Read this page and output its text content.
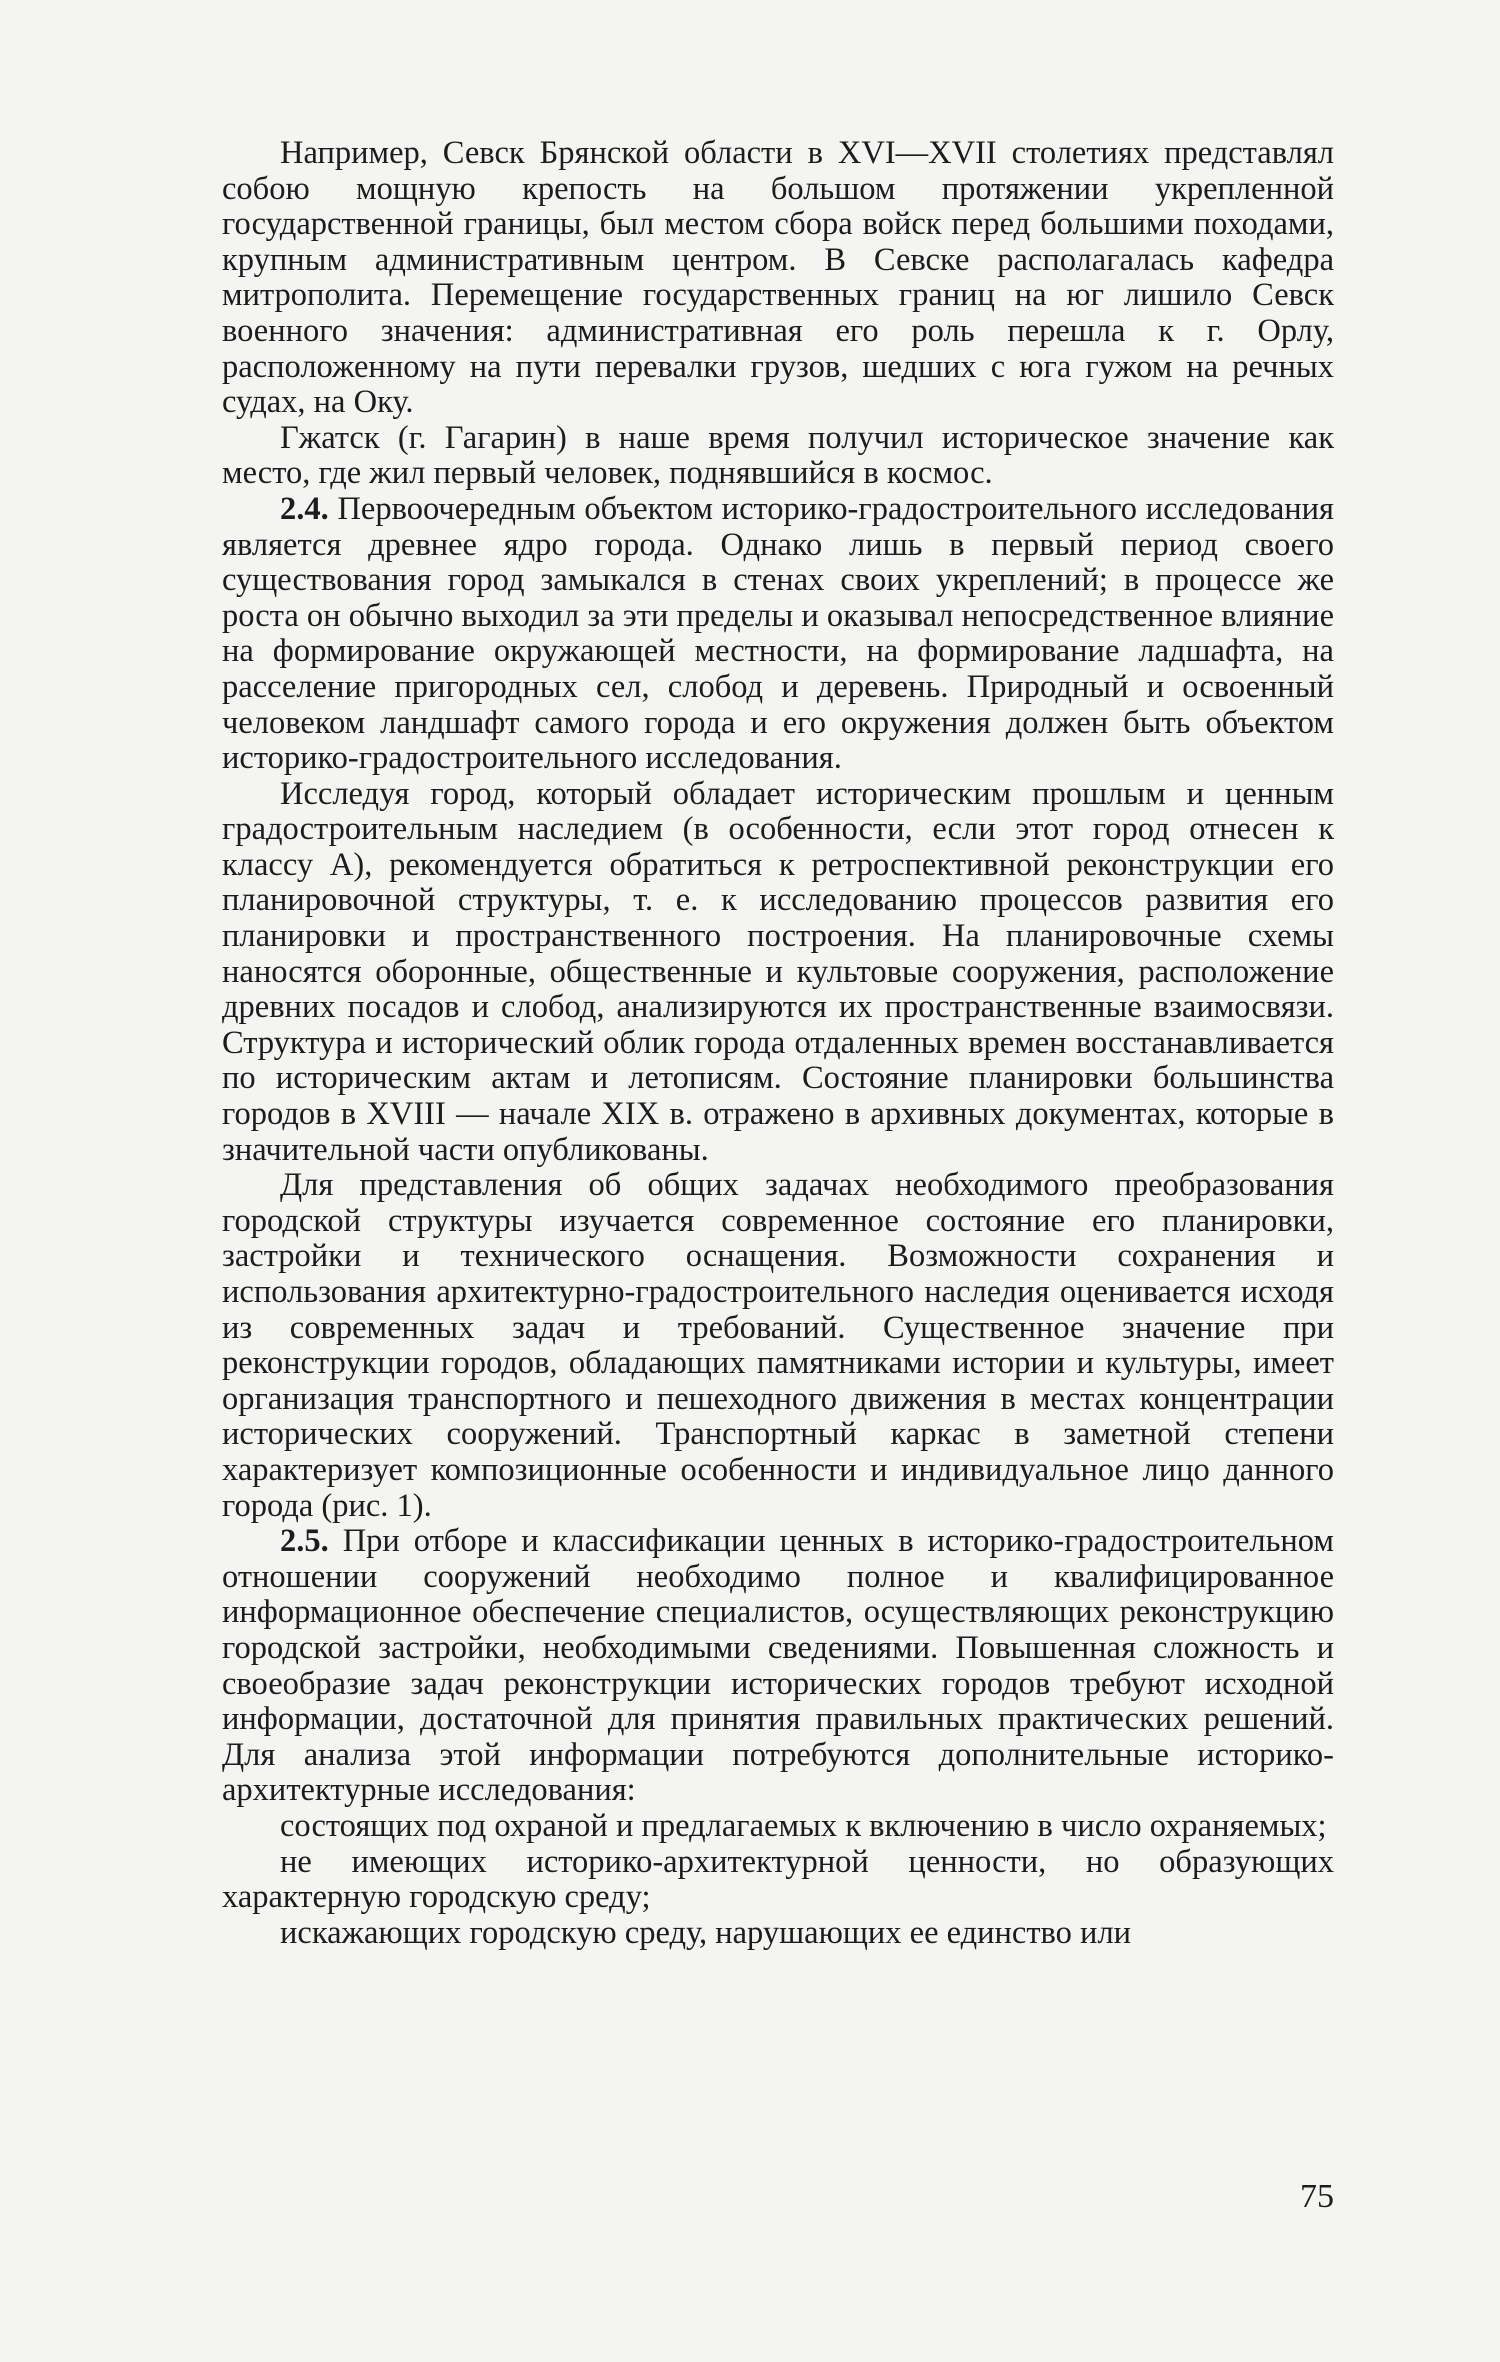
Например, Севск Брянской области в XVI—XVII столетиях представлял собою мощную крепость на большом протяжении укрепленной государственной границы, был местом сбора войск перед большими походами, крупным административным центром. В Севске располагалась кафедра митрополита. Перемещение государственных границ на юг лишило Севск военного значения: административная его роль перешла к г. Орлу, расположенному на пути перевалки грузов, шедших с юга гужом на речных судах, на Оку.

Гжатск (г. Гагарин) в наше время получил историческое значение как место, где жил первый человек, поднявшийся в космос.

2.4. Первоочередным объектом историко-градостроительного исследования является древнее ядро города. Однако лишь в первый период своего существования город замыкался в стенах своих укреплений; в процессе же роста он обычно выходил за эти пределы и оказывал непосредственное влияние на формирование окружающей местности, на формирование ладшафта, на расселение пригородных сел, слобод и деревень. Природный и освоенный человеком ландшафт самого города и его окружения должен быть объектом историко-градостроительного исследования.

Исследуя город, который обладает историческим прошлым и ценным градостроительным наследием (в особенности, если этот город отнесен к классу А), рекомендуется обратиться к ретроспективной реконструкции его планировочной структуры, т. е. к исследованию процессов развития его планировки и пространственного построения. На планировочные схемы наносятся оборонные, общественные и культовые сооружения, расположение древних посадов и слобод, анализируются их пространственные взаимосвязи. Структура и исторический облик города отдаленных времен восстанавливается по историческим актам и летописям. Состояние планировки большинства городов в XVIII — начале XIX в. отражено в архивных документах, которые в значительной части опубликованы.

Для представления об общих задачах необходимого преобразования городской структуры изучается современное состояние его планировки, застройки и технического оснащения. Возможности сохранения и использования архитектурно-градостроительного наследия оценивается исходя из современных задач и требований. Существенное значение при реконструкции городов, обладающих памятниками истории и культуры, имеет организация транспортного и пешеходного движения в местах концентрации исторических сооружений. Транспортный каркас в заметной степени характеризует композиционные особенности и индивидуальное лицо данного города (рис. 1).

2.5. При отборе и классификации ценных в историко-градостроительном отношении сооружений необходимо полное и квалифицированное информационное обеспечение специалистов, осуществляющих реконструкцию городской застройки, необходимыми сведениями. Повышенная сложность и своеобразие задач реконструкции исторических городов требуют исходной информации, достаточной для принятия правильных практических решений. Для анализа этой информации потребуются дополнительные историко-архитектурные исследования:

состоящих под охраной и предлагаемых к включению в число охраняемых;

не имеющих историко-архитектурной ценности, но образующих характерную городскую среду;

искажающих городскую среду, нарушающих ее единство или

75
